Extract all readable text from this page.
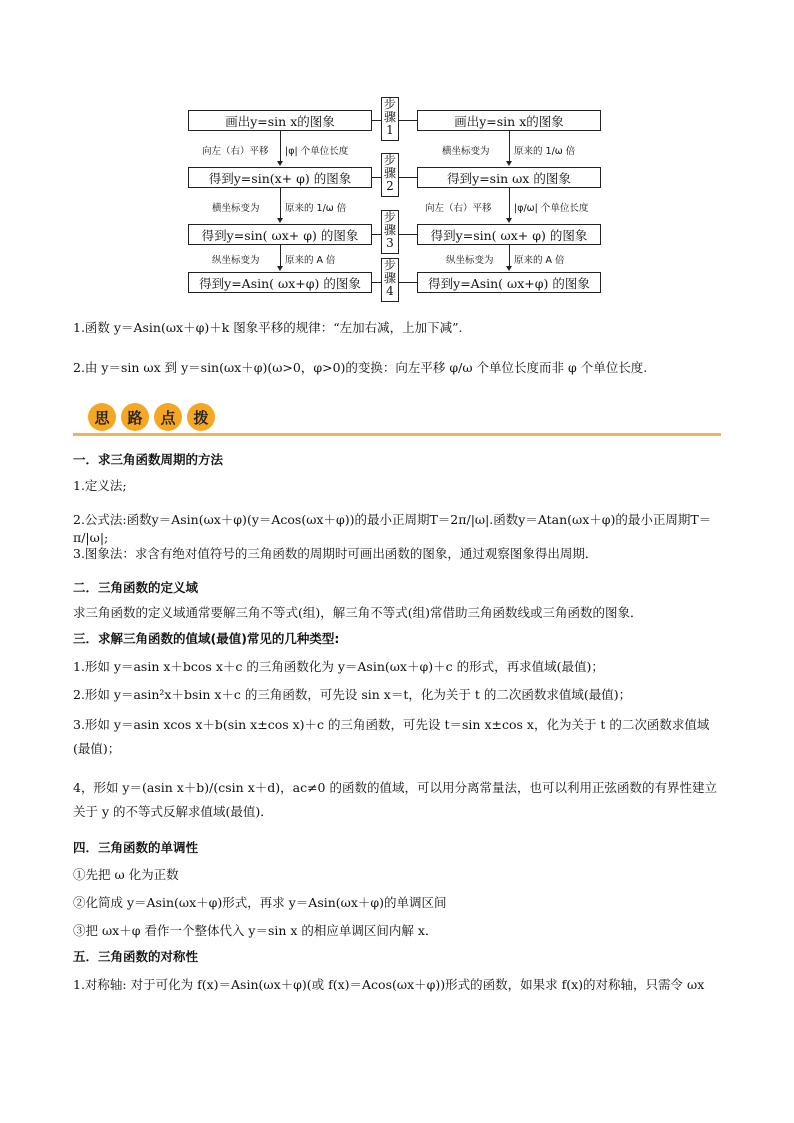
画出y=sin x的图象
得到y=sin(x+ φ) 的图象
得到y=sin( ωx+ φ) 的图象
得到y=Asin( ωx+φ) 的图象
画出y=sin x的图象
得到y=sin ωx 的图象
得到y=sin( ωx+ φ) 的图象
得到y=Asin( ωx+φ) 的图象
步
骤
1
步
骤
2
步
骤
3
步
骤
4
向左（右）平移 |φ| 个单位长度
横坐标变为	原来的 1/ω 倍
纵坐标变为	原来的 A 倍
横坐标变为	原来的 1/ω 倍
向左（右）平移 |φ/ω| 个单位长度
纵坐标变为 原来的 A 倍
1.函数 y＝Asin(ωx＋φ)＋k 图象平移的规律：“左加右减，上加下减”.
2.由 y＝sin ωx 到 y＝sin(ωx＋φ)(ω>0，φ>0)的变换：向左平移 φ/ω 个单位长度而非 φ 个单位长度.
思	路	点	拨
一．求三角函数周期的方法
1.定义法;
2.公式法:函数y＝Asin(ωx＋φ)(y＝Acos(ωx＋φ))的最小正周期T＝2π/|ω|.函数y＝Atan(ωx＋φ)的最小正周期T＝π/|ω|;
3.图象法：求含有绝对值符号的三角函数的周期时可画出函数的图象，通过观察图象得出周期．
二．三角函数的定义域
求三角函数的定义域通常要解三角不等式(组)，解三角不等式(组)常借助三角函数线或三角函数的图象．
三．求解三角函数的值域(最值)常见的几种类型:
1.形如 y＝asin x＋bcos x＋c 的三角函数化为 y＝Asin(ωx＋φ)＋c 的形式，再求值域(最值)；
2.形如 y＝asin²x＋bsin x＋c 的三角函数，可先设 sin x＝t，化为关于 t 的二次函数求值域(最值)；
3.形如 y＝asin xcos x＋b(sin x±cos x)＋c 的三角函数，可先设 t＝sin x±cos x，化为关于 t 的二次函数求值域(最值)；
4，形如 y＝(asin x＋b)/(csin x＋d)，ac≠0 的函数的值域，可以用分离常量法，也可以利用正弦函数的有界性建立关于 y 的不等式反解求值域(最值)．
四．三角函数的单调性
①先把 ω 化为正数
②化简成 y＝Asin(ωx＋φ)形式，再求 y＝Asin(ωx＋φ)的单调区间
③把 ωx＋φ 看作一个整体代入 y＝sin x 的相应单调区间内解 x．
五．三角函数的对称性
1.对称轴: 对于可化为 f(x)＝Asin(ωx＋φ)(或 f(x)＝Acos(ωx＋φ))形式的函数，如果求 f(x)的对称轴，只需令 ωx
